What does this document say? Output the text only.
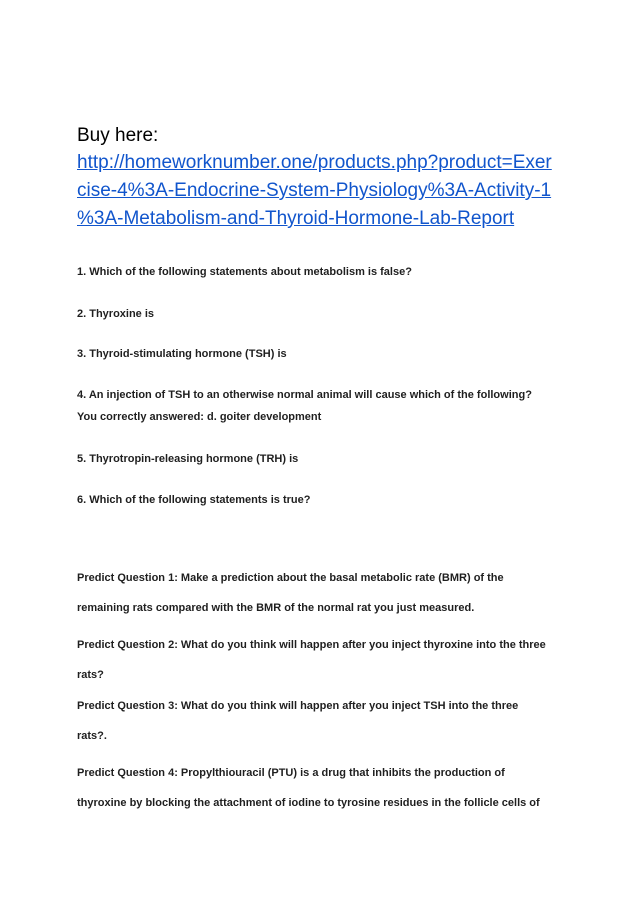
Buy here:

http://homeworknumber.one/products.php?product=Exer
cise-4%3A-Endocrine-System-Physiology%3A-Activity-1
%3A-Metabolism-and-Thyroid-Hormone-Lab-Report

1. Which of the following statements about metabolism is false?

2. Thyroxine is

3. Thyroid-stimulating hormone (TSH) is

4. An injection of TSH to an otherwise normal animal will cause which of the following?

You correctly answered: d. goiter development

5. Thyrotropin-releasing hormone (TRH) is

6. Which of the following statements is true?

Predict Question 1: Make a prediction about the basal metabolic rate (BMR) of the
remaining rats compared with the BMR of the normal rat you just measured.
Predict Question 2: What do you think will happen after you inject thyroxine into the three
rats?
Predict Question 3: What do you think will happen after you inject TSH into the three
rats?.
Predict Question 4: Propylthiouracil (PTU) is a drug that inhibits the production of
thyroxine by blocking the attachment of iodine to tyrosine residues in the follicle cells of
